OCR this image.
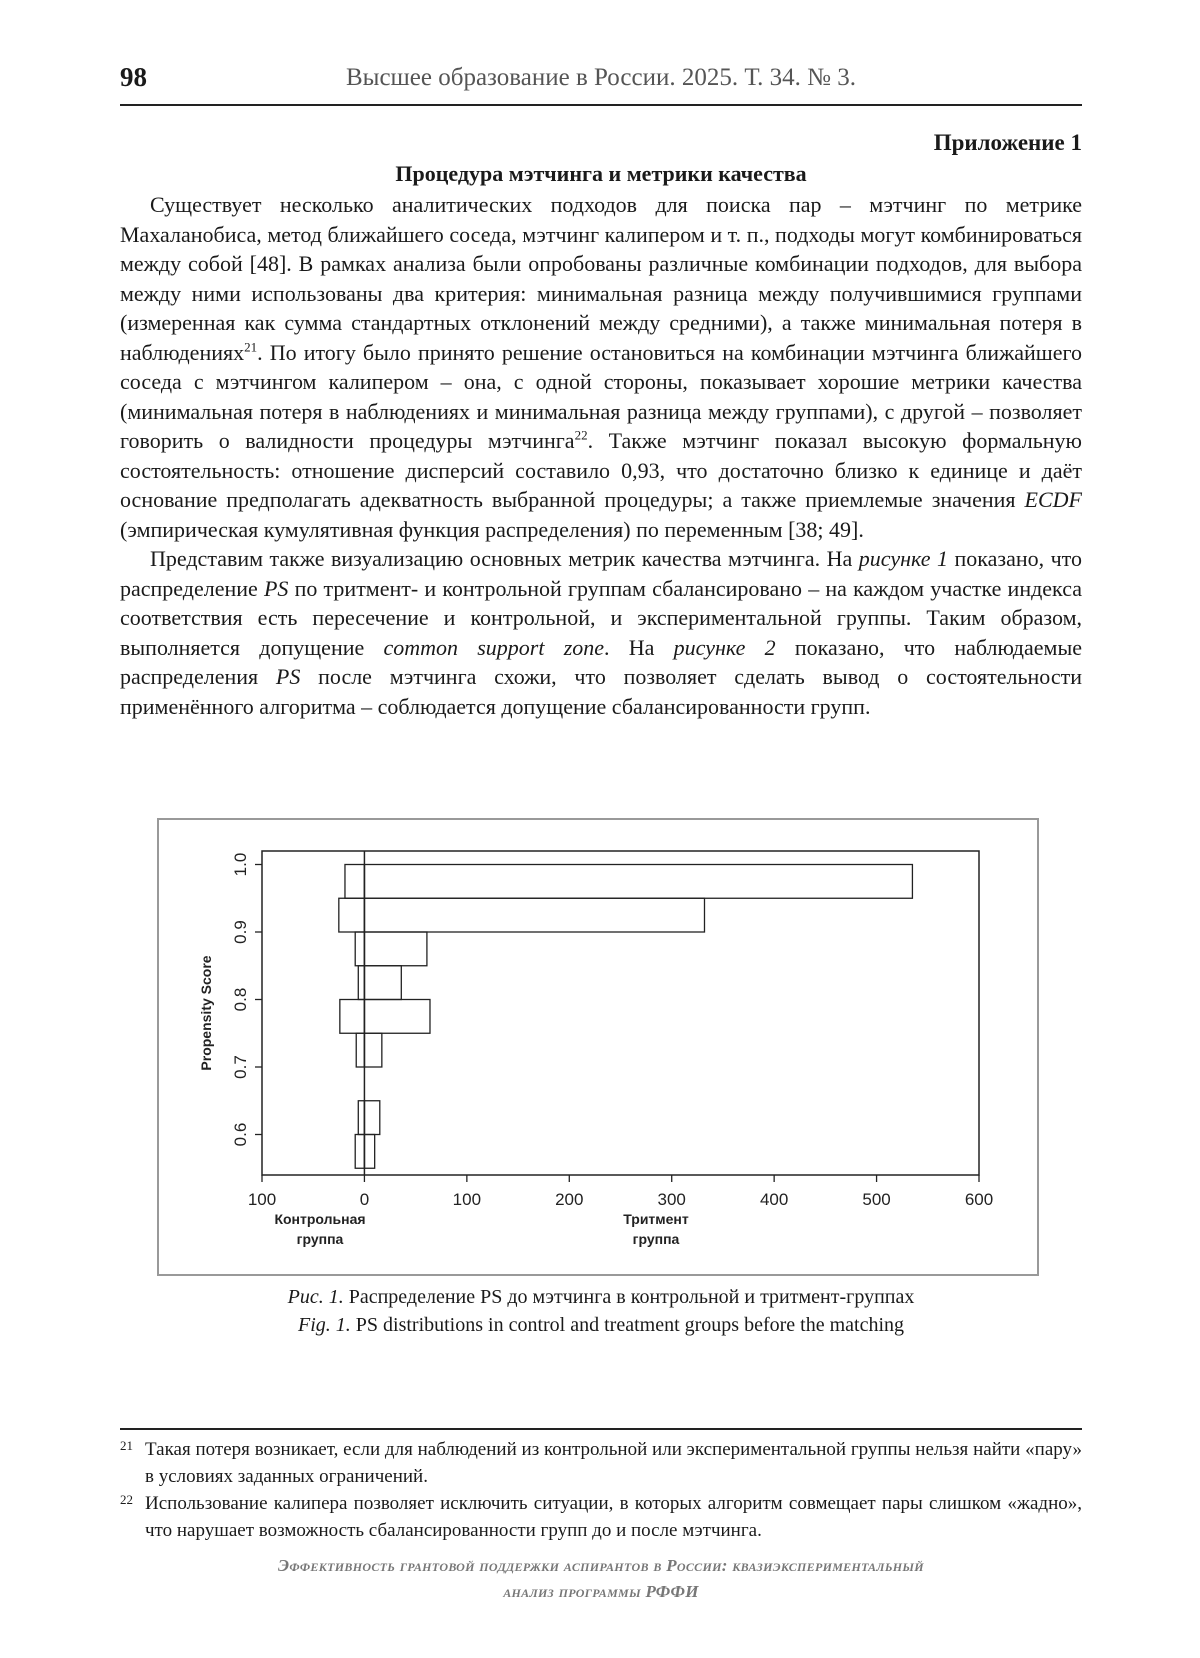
98	Высшее образование в России. 2025. Т. 34. № 3.
Приложение 1
Процедура мэтчинга и метрики качества

Существует несколько аналитических подходов для поиска пар – мэтчинг по метрике Махаланобиса, метод ближайшего соседа, мэтчинг калипером и т. п., подходы могут комбинироваться между собой [48]. В рамках анализа были опробованы различные комбинации подходов, для выбора между ними использованы два критерия: минимальная разница между получившимися группами (измеренная как сумма стандартных отклонений между средними), а также минимальная потеря в наблюдениях$^{21}$. По итогу было принято решение остановиться на комбинации мэтчинга ближайшего соседа с мэтчингом калипером – она, с одной стороны, показывает хорошие метрики качества (минимальная потеря в наблюдениях и минимальная разница между группами), с другой – позволяет говорить о валидности процедуры мэтчинга$^{22}$. Также мэтчинг показал высокую формальную состоятельность: отношение дисперсий составило 0,93, что достаточно близко к единице и даёт основание предполагать адекватность выбранной процедуры; а также приемлемые значения ECDF (эмпирическая кумулятивная функция распределения) по переменным [38; 49].

Представим также визуализацию основных метрик качества мэтчинга. На рисунке 1 показано, что распределение PS по тритмент- и контрольной группам сбалансировано – на каждом участке индекса соответствия есть пересечение и контрольной, и экспериментальной группы. Таким образом, выполняется допущение common support zone. На рисунке 2 показано, что наблюдаемые распределения PS после мэтчинга схожи, что позволяет сделать вывод о состоятельности применённого алгоритма – соблюдается допущение сбалансированности групп.

100	0	100	200	300	400	500	600
0.6
0.7
0.8
0.9
1.0
Propensity Score
Контрольная
группа
Тритмент
группа
Рис. 1. Распределение PS до мэтчинга в контрольной и тритмент-группах
Fig. 1. PS distributions in control and treatment groups before the matching
21 Такая потеря возникает, если для наблюдений из контрольной или экспериментальной группы нельзя найти «пару» в условиях заданных ограничений.
22 Использование калипера позволяет исключить ситуации, в которых алгоритм совмещает пары слишком «жадно», что нарушает возможность сбалансированности групп до и после мэтчинга.
Эффективность грантовой поддержки аспирантов в России: квазиэкспериментальный
анализ программы РФФИ
